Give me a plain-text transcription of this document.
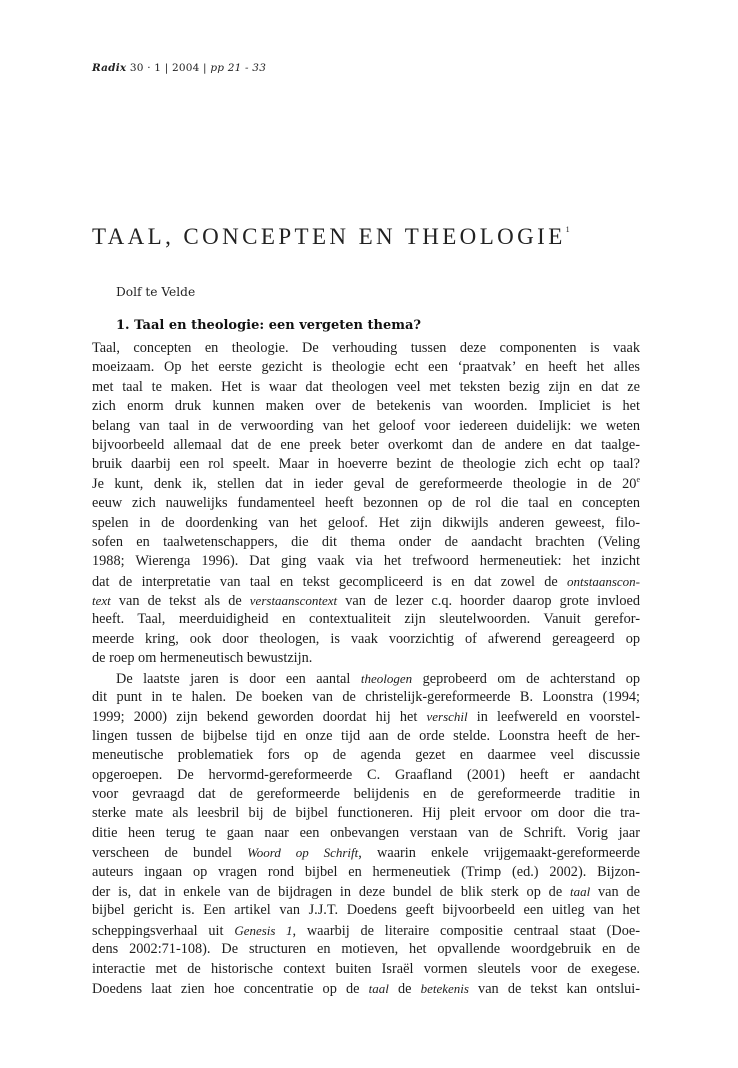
Radix 30 · 1 | 2004 | pp 21 - 33
TAAL, CONCEPTEN EN THEOLOGIE$^1$
Dolf te Velde
1. Taal en theologie: een vergeten thema?
Taal, concepten en theologie. De verhouding tussen deze componenten is vaak
moeizaam. Op het eerste gezicht is theologie echt een ‘praatvak’ en heeft het alles
met taal te maken. Het is waar dat theologen veel met teksten bezig zijn en dat ze
zich enorm druk kunnen maken over de betekenis van woorden. Impliciet is het
belang van taal in de verwoording van het geloof voor iedereen duidelijk: we weten
bijvoorbeeld allemaal dat de ene preek beter overkomt dan de andere en dat taalge-
bruik daarbij een rol speelt. Maar in hoeverre bezint de theologie zich echt op taal?
Je kunt, denk ik, stellen dat in ieder geval de gereformeerde theologie in de 20e
eeuw zich nauwelijks fundamenteel heeft bezonnen op de rol die taal en concepten
spelen in de doordenking van het geloof. Het zijn dikwijls anderen geweest, filo-
sofen en taalwetenschappers, die dit thema onder de aandacht brachten (Veling
1988; Wierenga 1996). Dat ging vaak via het trefwoord hermeneutiek: het inzicht
dat de interpretatie van taal en tekst gecompliceerd is en dat zowel de ontstaanscon-
text van de tekst als de verstaanscontext van de lezer c.q. hoorder daarop grote invloed
heeft. Taal, meerduidigheid en contextualiteit zijn sleutelwoorden. Vanuit gerefor-
meerde kring, ook door theologen, is vaak voorzichtig of afwerend gereageerd op
de roep om hermeneutisch bewustzijn.
De laatste jaren is door een aantal theologen geprobeerd om de achterstand op
dit punt in te halen. De boeken van de christelijk-gereformeerde B. Loonstra (1994;
1999; 2000) zijn bekend geworden doordat hij het verschil in leefwereld en voorstel-
lingen tussen de bijbelse tijd en onze tijd aan de orde stelde. Loonstra heeft de her-
meneutische problematiek fors op de agenda gezet en daarmee veel discussie
opgeroepen. De hervormd-gereformeerde C. Graafland (2001) heeft er aandacht
voor gevraagd dat de gereformeerde belijdenis en de gereformeerde traditie in
sterke mate als leesbril bij de bijbel functioneren. Hij pleit ervoor om door die tra-
ditie heen terug te gaan naar een onbevangen verstaan van de Schrift. Vorig jaar
verscheen de bundel Woord op Schrift, waarin enkele vrijgemaakt-gereformeerde
auteurs ingaan op vragen rond bijbel en hermeneutiek (Trimp (ed.) 2002). Bijzon-
der is, dat in enkele van de bijdragen in deze bundel de blik sterk op de taal van de
bijbel gericht is. Een artikel van J.J.T. Doedens geeft bijvoorbeeld een uitleg van het
scheppingsverhaal uit Genesis 1, waarbij de literaire compositie centraal staat (Doe-
dens 2002:71-108). De structuren en motieven, het opvallende woordgebruik en de
interactie met de historische context buiten Israël vormen sleutels voor de exegese.
Doedens laat zien hoe concentratie op de taal de betekenis van de tekst kan ontslui-
